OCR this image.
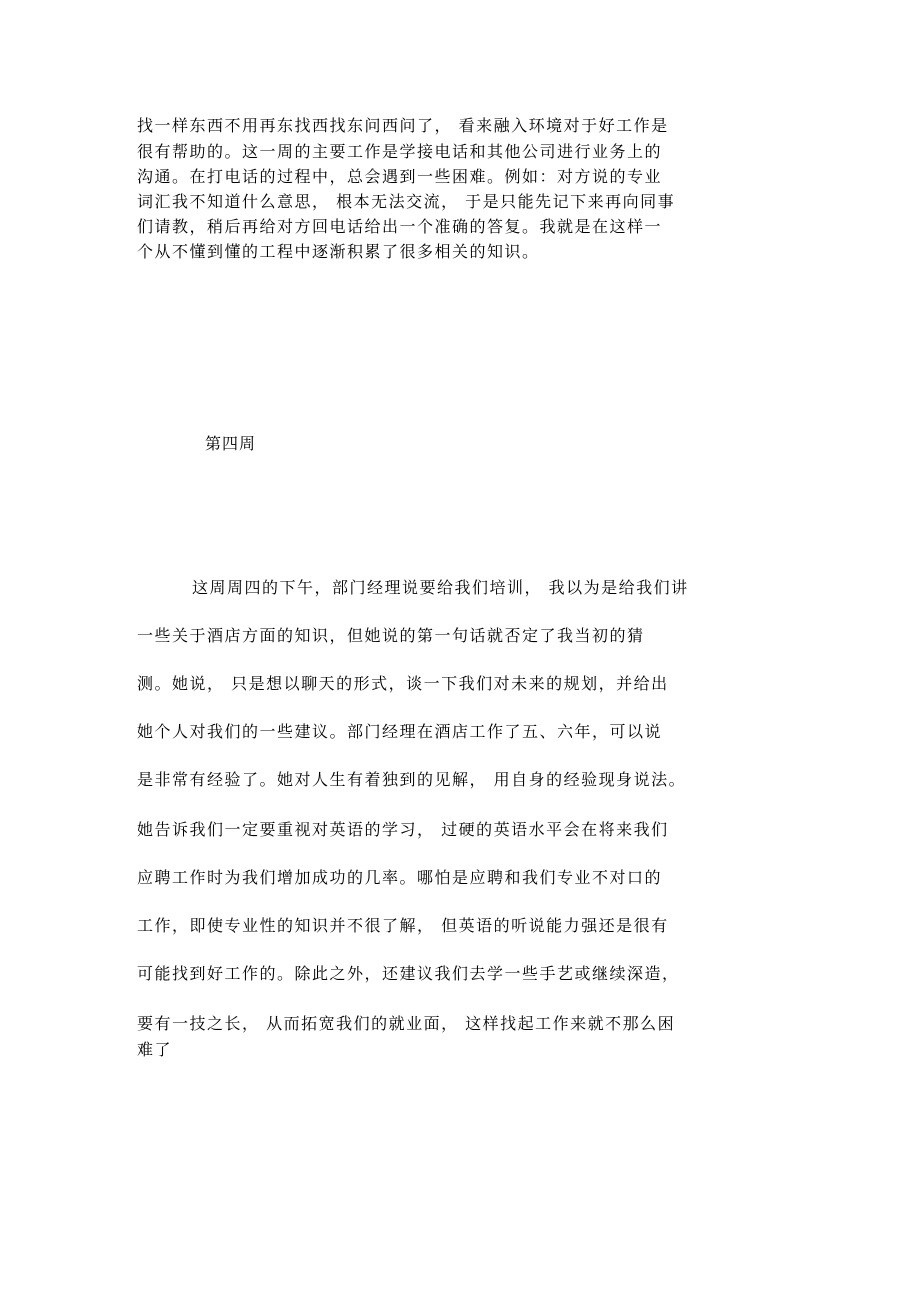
找一样东西不用再东找西找东问西问了， 看来融入环境对于好工作是
很有帮助的。这一周的主要工作是学接电话和其他公司进行业务上的
沟通。在打电话的过程中，总会遇到一些困难。例如：对方说的专业
词汇我不知道什么意思， 根本无法交流， 于是只能先记下来再向同事
们请教，稍后再给对方回电话给出一个准确的答复。我就是在这样一
个从不懂到懂的工程中逐渐积累了很多相关的知识。
第四周
这周周四的下午，部门经理说要给我们培训， 我以为是给我们讲
一些关于酒店方面的知识，但她说的第一句话就否定了我当初的猜
测。她说， 只是想以聊天的形式，谈一下我们对未来的规划，并给出
她个人对我们的一些建议。部门经理在酒店工作了五、六年，可以说
是非常有经验了。她对人生有着独到的见解， 用自身的经验现身说法。
她告诉我们一定要重视对英语的学习， 过硬的英语水平会在将来我们
应聘工作时为我们增加成功的几率。哪怕是应聘和我们专业不对口的
工作，即使专业性的知识并不很了解， 但英语的听说能力强还是很有
可能找到好工作的。除此之外，还建议我们去学一些手艺或继续深造，
要有一技之长， 从而拓宽我们的就业面， 这样找起工作来就不那么困
难了
